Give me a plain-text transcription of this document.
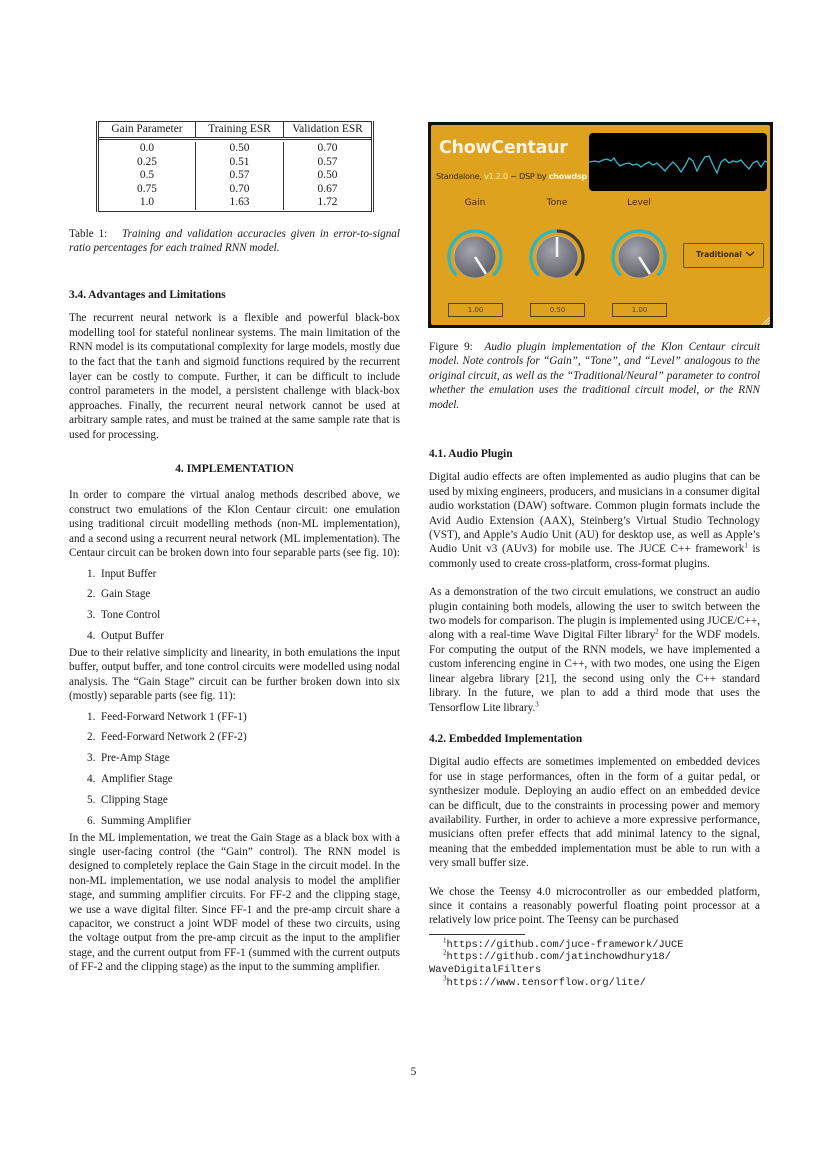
Gain Parameter	Training ESR	Validation ESR
0.0	0.50	0.70
0.25	0.51	0.57
0.5	0.57	0.50
0.75	0.70	0.67
1.0	1.63	1.72
Table 1: Training and validation accuracies given in error-to-signal ratio percentages for each trained RNN model.
3.4. Advantages and Limitations

The recurrent neural network is a flexible and powerful black-box modelling tool for stateful nonlinear systems. The main limitation of the RNN model is its computational complexity for large models, mostly due to the fact that the tanh and sigmoid functions required by the recurrent layer can be costly to compute. Further, it can be difficult to include control parameters in the model, a persistent challenge with black-box approaches. Finally, the recurrent neural network cannot be used at arbitrary sample rates, and must be trained at the same sample rate that is used for processing.

4. IMPLEMENTATION

In order to compare the virtual analog methods described above, we construct two emulations of the Klon Centaur circuit: one emulation using traditional circuit modelling methods (non-ML implementation), and a second using a recurrent neural network (ML implementation). The Centaur circuit can be broken down into four separable parts (see fig. 10):

1. Input Buffer
2. Gain Stage
3. Tone Control
4. Output Buffer

Due to their relative simplicity and linearity, in both emulations the input buffer, output buffer, and tone control circuits were modelled using nodal analysis. The “Gain Stage” circuit can be further broken down into six (mostly) separable parts (see fig. 11):

1. Feed-Forward Network 1 (FF-1)
2. Feed-Forward Network 2 (FF-2)
3. Pre-Amp Stage
4. Amplifier Stage
5. Clipping Stage
6. Summing Amplifier

In the ML implementation, we treat the Gain Stage as a black box with a single user-facing control (the “Gain” control). The RNN model is designed to completely replace the Gain Stage in the circuit model. In the non-ML implementation, we use nodal analysis to model the amplifier stage, and summing amplifier circuits. For FF-2 and the clipping stage, we use a wave digital filter. Since FF-1 and the pre-amp circuit share a capacitor, we construct a joint WDF model of these two circuits, using the voltage output from the pre-amp circuit as the input to the amplifier stage, and the current output from FF-1 (summed with the current outputs of FF-2 and the clipping stage) as the input to the summing amplifier.

ChowCentaur
Standalone, v1.2.0 ~ DSP by chowdsp
Gain
1.00
Tone
0.50
Level
1.00
Traditional
Figure 9: Audio plugin implementation of the Klon Centaur circuit model. Note controls for “Gain”, “Tone”, and “Level” analogous to the original circuit, as well as the “Traditional/Neural” parameter to control whether the emulation uses the traditional circuit model, or the RNN model.
4.1. Audio Plugin

Digital audio effects are often implemented as audio plugins that can be used by mixing engineers, producers, and musicians in a consumer digital audio workstation (DAW) software. Common plugin formats include the Avid Audio Extension (AAX), Steinberg’s Virtual Studio Technology (VST), and Apple’s Audio Unit (AU) for desktop use, as well as Apple’s Audio Unit v3 (AUv3) for mobile use. The JUCE C++ framework$^1$ is commonly used to create cross-platform, cross-format plugins.

As a demonstration of the two circuit emulations, we construct an audio plugin containing both models, allowing the user to switch between the two models for comparison. The plugin is implemented using JUCE/C++, along with a real-time Wave Digital Filter library$^2$ for the WDF models. For computing the output of the RNN models, we have implemented a custom inferencing engine in C++, with two modes, one using the Eigen linear algebra library [21], the second using only the C++ standard library. In the future, we plan to add a third mode that uses the Tensorflow Lite library.$^3$

4.2. Embedded Implementation

Digital audio effects are sometimes implemented on embedded devices for use in stage performances, often in the form of a guitar pedal, or synthesizer module. Deploying an audio effect on an embedded device can be difficult, due to the constraints in processing power and memory availability. Further, in order to achieve a more expressive performance, musicians often prefer effects that add minimal latency to the signal, meaning that the embedded implementation must be able to run with a very small buffer size.

We chose the Teensy 4.0 microcontroller as our embedded platform, since it contains a reasonably powerful floating point processor at a relatively low price point. The Teensy can be purchased

$^1$https://github.com/juce-framework/JUCE
$^2$https://github.com/jatinchowdhury18/
WaveDigitalFilters
$^3$https://www.tensorflow.org/lite/
5
